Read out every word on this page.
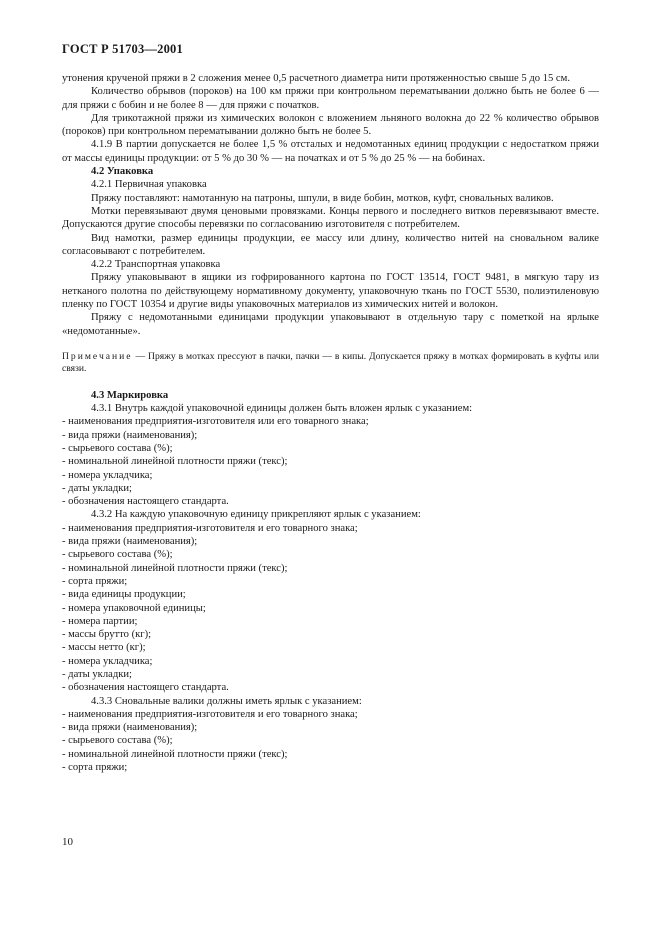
ГОСТ Р 51703—2001

утонения крученой пряжи в 2 сложения менее 0,5 расчетного диаметра нити протяженностью свыше 5 до 15 см.

Количество обрывов (пороков) на 100 км пряжи при контрольном перематывании должно быть не более 6 — для пряжи с бобин и не более 8 — для пряжи с початков.

Для трикотажной пряжи из химических волокон с вложением льняного волокна до 22 % количество обрывов (пороков) при контрольном перематывании должно быть не более 5.

4.1.9 В партии допускается не более 1,5 % отсталых и недомотанных единиц продукции с недостатком пряжи от массы единицы продукции: от 5 % до 30 % — на початках и от 5 % до 25 % — на бобинах.

4.2 Упаковка

4.2.1 Первичная упаковка

Пряжу поставляют: намотанную на патроны, шпули, в виде бобин, мотков, куфт, сновальных валиков.

Мотки перевязывают двумя ценовыми провязками. Концы первого и последнего витков перевязывают вместе. Допускаются другие способы перевязки по согласованию изготовителя с потребителем.

Вид намотки, размер единицы продукции, ее массу или длину, количество нитей на сновальном валике согласовывают с потребителем.

4.2.2 Транспортная упаковка

Пряжу упаковывают в ящики из гофрированного картона по ГОСТ 13514, ГОСТ 9481, в мягкую тару из нетканого полотна по действующему нормативному документу, упаковочную ткань по ГОСТ 5530, полиэтиленовую пленку по ГОСТ 10354 и другие виды упаковочных материалов из химических нитей и волокон.

Пряжу с недомотанными единицами продукции упаковывают в отдельную тару с пометкой на ярлыке «недомотанные».

Примечание — Пряжу в мотках прессуют в пачки, пачки — в кипы. Допускается пряжу в мотках формировать в куфты или связи.

4.3 Маркировка

4.3.1 Внутрь каждой упаковочной единицы должен быть вложен ярлык с указанием:

- наименования предприятия-изготовителя или его товарного знака;

- вида пряжи (наименования);

- сырьевого состава (%);

- номинальной линейной плотности пряжи (текс);

- номера укладчика;

- даты укладки;

- обозначения настоящего стандарта.

4.3.2 На каждую упаковочную единицу прикрепляют ярлык с указанием:

- наименования предприятия-изготовителя и его товарного знака;

- вида пряжи (наименования);

- сырьевого состава (%);

- номинальной линейной плотности пряжи (текс);

- сорта пряжи;

- вида единицы продукции;

- номера упаковочной единицы;

- номера партии;

- массы брутто (кг);

- массы нетто (кг);

- номера укладчика;

- даты укладки;

- обозначения настоящего стандарта.

4.3.3 Сновальные валики должны иметь ярлык с указанием:

- наименования предприятия-изготовителя и его товарного знака;

- вида пряжи (наименования);

- сырьевого состава (%);

- номинальной линейной плотности пряжи (текс);

- сорта пряжи;

10
